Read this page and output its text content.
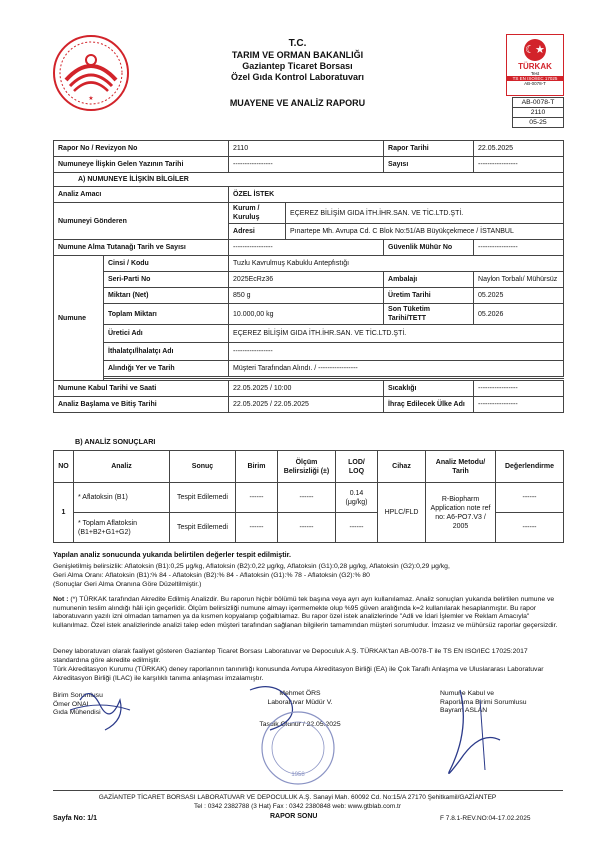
★
T.C.
TARIM VE ORMAN BAKANLIĞI
Gaziantep Ticaret Borsası
Özel Gıda Kontrol Laboratuvarı
MUAYENE VE ANALİZ RAPORU
☾★
TÜRKAK
Test
TS EN ISO/IEC 17025
AB-0078-T
AB-0078-T
2110
05-25
Rapor No / Revizyon No		2110		Rapor Tarihi	22.05.2025
Numuneye İlişkin Gelen Yazının Tarihi		-----------------		Sayısı	-----------------
A) NUMUNEYE İLİŞKİN BİLGİLER					
Analiz Amacı		ÖZEL İSTEK			
Numuneyi Gönderen		Kurum / Kuruluş	EÇEREZ BİLİŞİM GIDA İTH.İHR.SAN. VE TİC.LTD.ŞTİ.		
		Adresi	Pınartepe Mh. Avrupa Cd. C Blok No:51/AB Büyükçekmece / İSTANBUL		
Numune Alma Tutanağı Tarih ve Sayısı		-----------------		Güvenlik Mühür No	-----------------
Numune	Cinsi / Kodu	Tuzlu Kavrulmuş Kabuklu Antepfıstığı			
	Seri-Parti No	2025EcRz36		Ambalajı	Naylon Torbalı/ Mühürsüz
	Miktarı (Net)	850 g		Üretim Tarihi	05.2025
	Toplam Miktarı	10.000,00 kg		Son Tüketim Tarihi/TETT	05.2026
	Üretici Adı	EÇEREZ BİLİŞİM GIDA İTH.İHR.SAN. VE TİC.LTD.ŞTİ.			
	İthalatçı/İhalatçı Adı	-----------------			
	Alındığı Yer ve Tarih	Müşteri Tarafından Alındı. / -----------------			

Numune Kabul Tarihi ve Saati		22.05.2025 / 10:00		Sıcaklığı	-----------------
Analiz Başlama ve Bitiş Tarihi		22.05.2025 / 22.05.2025		İhraç Edilecek Ülke Adı	-----------------
B) ANALİZ SONUÇLARI
NO	Analiz	Sonuç	Birim	Ölçüm Belirsizliği (±)	LOD/ LOQ	Cihaz	Analiz Metodu/ Tarih	Değerlendirme
1	* Aflatoksin (B1)	Tespit Edilemedi	------	------	0.14 (μg/kg)	HPLC/FLD	R-Biopharm Application note ref no: A6-PO7.V3 / 2005	------
	* Toplam Aflatoksin (B1+B2+G1+G2)	Tespit Edilemedi	------	------	------			------
Yapılan analiz sonucunda yukarıda belirtilen değerler tespit edilmiştir.
Genişletilmiş belirsizlik: Aflatoksin (B1):0,25 μg/kg, Aflatoksin (B2):0,22 μg/kg, Aflatoksin (G1):0,28 μg/kg, Aflatoksin (G2):0,29 μg/kg,
Geri Alma Oranı: Aflatoksin (B1):% 84 - Aflatoksin (B2):% 84 - Aflatoksin (G1):% 78 - Aflatoksin (G2):% 80
(Sonuçlar Geri Alma Oranına Göre Düzeltilmiştir.)
Not : (*) TÜRKAK tarafından Akredite Edilmiş Analizdir. Bu raporun hiçbir bölümü tek başına veya ayrı ayrı kullanılamaz. Analiz sonuçları yukarıda belirtilen numune ve numunenin teslim alındığı hâli için geçerlidir. Ölçüm belirsizliği numune almayı içermemekte olup %95 güven aralığında k=2 kullanılarak hesaplanmıştır. Bu rapor laboratuvarın yazılı izni olmadan tamamen ya da kısmen kopyalanıp çoğaltılamaz. Bu rapor özel istek analizlerinde "Adli ve İdari İşlemler ve Reklam Amacıyla" kullanılmaz. Özel istek analizlerinde analizi talep eden müşteri tarafından sağlanan bilgilerin tamamından müşteri sorumludur. İmzasız ve mühürsüz raporlar geçersizdir.
Deney laboratuvarı olarak faaliyet gösteren Gaziantep Ticaret Borsası Laboratuvar ve Depoculuk A.Ş. TÜRKAK'tan AB-0078-T ile TS EN ISO/IEC 17025:2017 standardına göre akredite edilmiştir.
Türk Akreditasyon Kurumu (TÜRKAK) deney raporlarının tanınırlığı konusunda Avrupa Akreditasyon Birliği (EA) ile Çok Taraflı Anlaşma ve Uluslararası Laboratuvar Akreditasyon Birliği (ILAC) ile karşılıklı tanıma anlaşması imzalamıştır.
Birim Sorumlusu
Ömer ONAL
Gıda Mühendisi
Mehmet ÖRS
Laboratuvar Müdür V.
Tasdik Olunur / 22.05.2025
Numune Kabul ve
Raporlama Birimi Sorumlusu
Bayram ASLAN
1958
GAZİANTEP TİCARET BORSASI LABORATUVAR VE DEPOCULUK A.Ş. Sanayi Mah. 60092 Cd. No:15/A 27170 Şehitkamil/GAZİANTEP
Tel : 0342 2382788 (3 Hat) Fax : 0342 2380848 web: www.gtblab.com.tr
Sayfa No: 1/1	RAPOR SONU	F 7.8.1-REV.NO:04-17.02.2025
